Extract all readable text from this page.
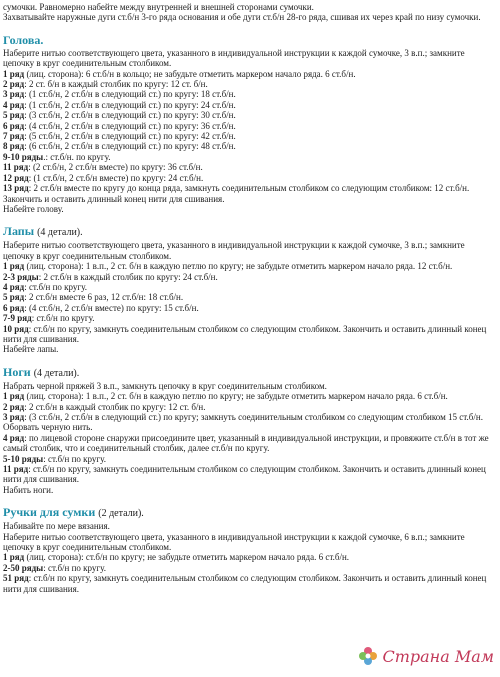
сумочки. Равномерно набейте между внутренней и внешней сторонами сумочки.

Захватывайте наружные дуги ст.б/н 3-го ряда основания и обе дуги ст.б/н 28-го ряда, сшивая их через край по низу сумочки.

Голова.

Наберите нитью соответствующего цвета, указанного в индивидуальной инструкции к каждой сумочке, 3 в.п.; замкните цепочку в круг соединительным столбиком.

1 ряд (лиц. сторона): 6 ст.б/н в кольцо; не забудьте отметить маркером начало ряда. 6 ст.б/н.

2 ряд: 2 ст. б/н в каждый столбик по кругу: 12 ст. б/н.

3 ряд: (1 ст.б/н, 2 ст.б/н в следующий ст.) по кругу: 18 ст.б/н.

4 ряд: (1 ст.б/н, 2 ст.б/н в следующий ст.) по кругу: 24 ст.б/н.

5 ряд: (3 ст.б/н, 2 ст.б/н в следующий ст.) по кругу: 30 ст.б/н.

6 ряд: (4 ст.б/н, 2 ст.б/н в следующий ст.) по кругу: 36 ст.б/н.

7 ряд: (5 ст.б/н, 2 ст.б/н в следующий ст.) по кругу: 42 ст.б/н.

8 ряд: (6 ст.б/н, 2 ст.б/н в следующий ст.) по кругу: 48 ст.б/н.

9-10 ряды.: ст.б/н. по кругу.

11 ряд: (2 ст.б/н, 2 ст.б/н вместе) по кругу: 36 ст.б/н.

12 ряд: (1 ст.б/н, 2 ст.б/н вместе) по кругу: 24 ст.б/н.

13 ряд: 2 ст.б/н вместе по кругу до конца ряда, замкнуть соединительным столбиком со следующим столбиком: 12 ст.б/н. Закончить и оставить длинный конец нити для сшивания.

Набейте голову.

Лапы (4 детали).

Наберите нитью соответствующего цвета, указанного в индивидуальной инструкции к каждой сумочке, 3 в.п.; замкните цепочку в круг соединительным столбиком.

1 ряд (лиц. сторона): 1 в.п., 2 ст. б/н в каждую петлю по кругу; не забудьте отметить маркером начало ряда. 12 ст.б/н.

2-3 ряды: 2 ст.б/н в каждый столбик по кругу: 24 ст.б/н.

4 ряд: ст.б/н по кругу.

5 ряд: 2 ст.б/н вместе 6 раз, 12 ст.б/н: 18 ст.б/н.

6 ряд: (4 ст.б/н, 2 ст.б/н вместе) по кругу: 15 ст.б/н.

7-9 ряд: ст.б/н по кругу.

10 ряд: ст.б/н по кругу, замкнуть соединительным столбиком со следующим столбиком. Закончить и оставить длинный конец нити для сшивания.

Набейте лапы.

Ноги (4 детали).

Набрать черной пряжей 3 в.п., замкнуть цепочку в круг соединительным столбиком.

1 ряд (лиц. сторона): 1 в.п., 2 ст. б/н в каждую петлю по кругу; не забудьте отметить маркером начало ряда. 6 ст.б/н.

2 ряд: 2 ст.б/н в каждый столбик по кругу: 12 ст. б/н.

3 ряд: (3 ст.б/н, 2 ст.б/н в следующий ст.) по кругу; замкнуть соединительным столбиком со следующим столбиком 15 ст.б/н. Оборвать черную нить.

4 ряд: по лицевой стороне снаружи присоедините цвет, указанный в индивидуальной инструкции, и провяжите ст.б/н в тот же самый столбик, что и соединительный столбик, далее ст.б/н по кругу.

5-10 ряды: ст.б/н по кругу.

11 ряд: ст.б/н по кругу, замкнуть соединительным столбиком со следующим столбиком. Закончить и оставить длинный конец нити для сшивания.

Набить ноги.

Ручки для сумки (2 детали).

Набивайте по мере вязания.

Наберите нитью соответствующего цвета, указанного в индивидуальной инструкции к каждой сумочке, 6 в.п.; замкните цепочку в круг соединительным столбиком.

1 ряд (лиц. сторона): ст.б/н по кругу; не забудьте отметить маркером начало ряда. 6 ст.б/н.

2-50 ряды: ст.б/н по кругу.

51 ряд: ст.б/н по кругу, замкнуть соединительным столбиком со следующим столбиком. Закончить и оставить длинный конец нити для сшивания.

Страна Мам
